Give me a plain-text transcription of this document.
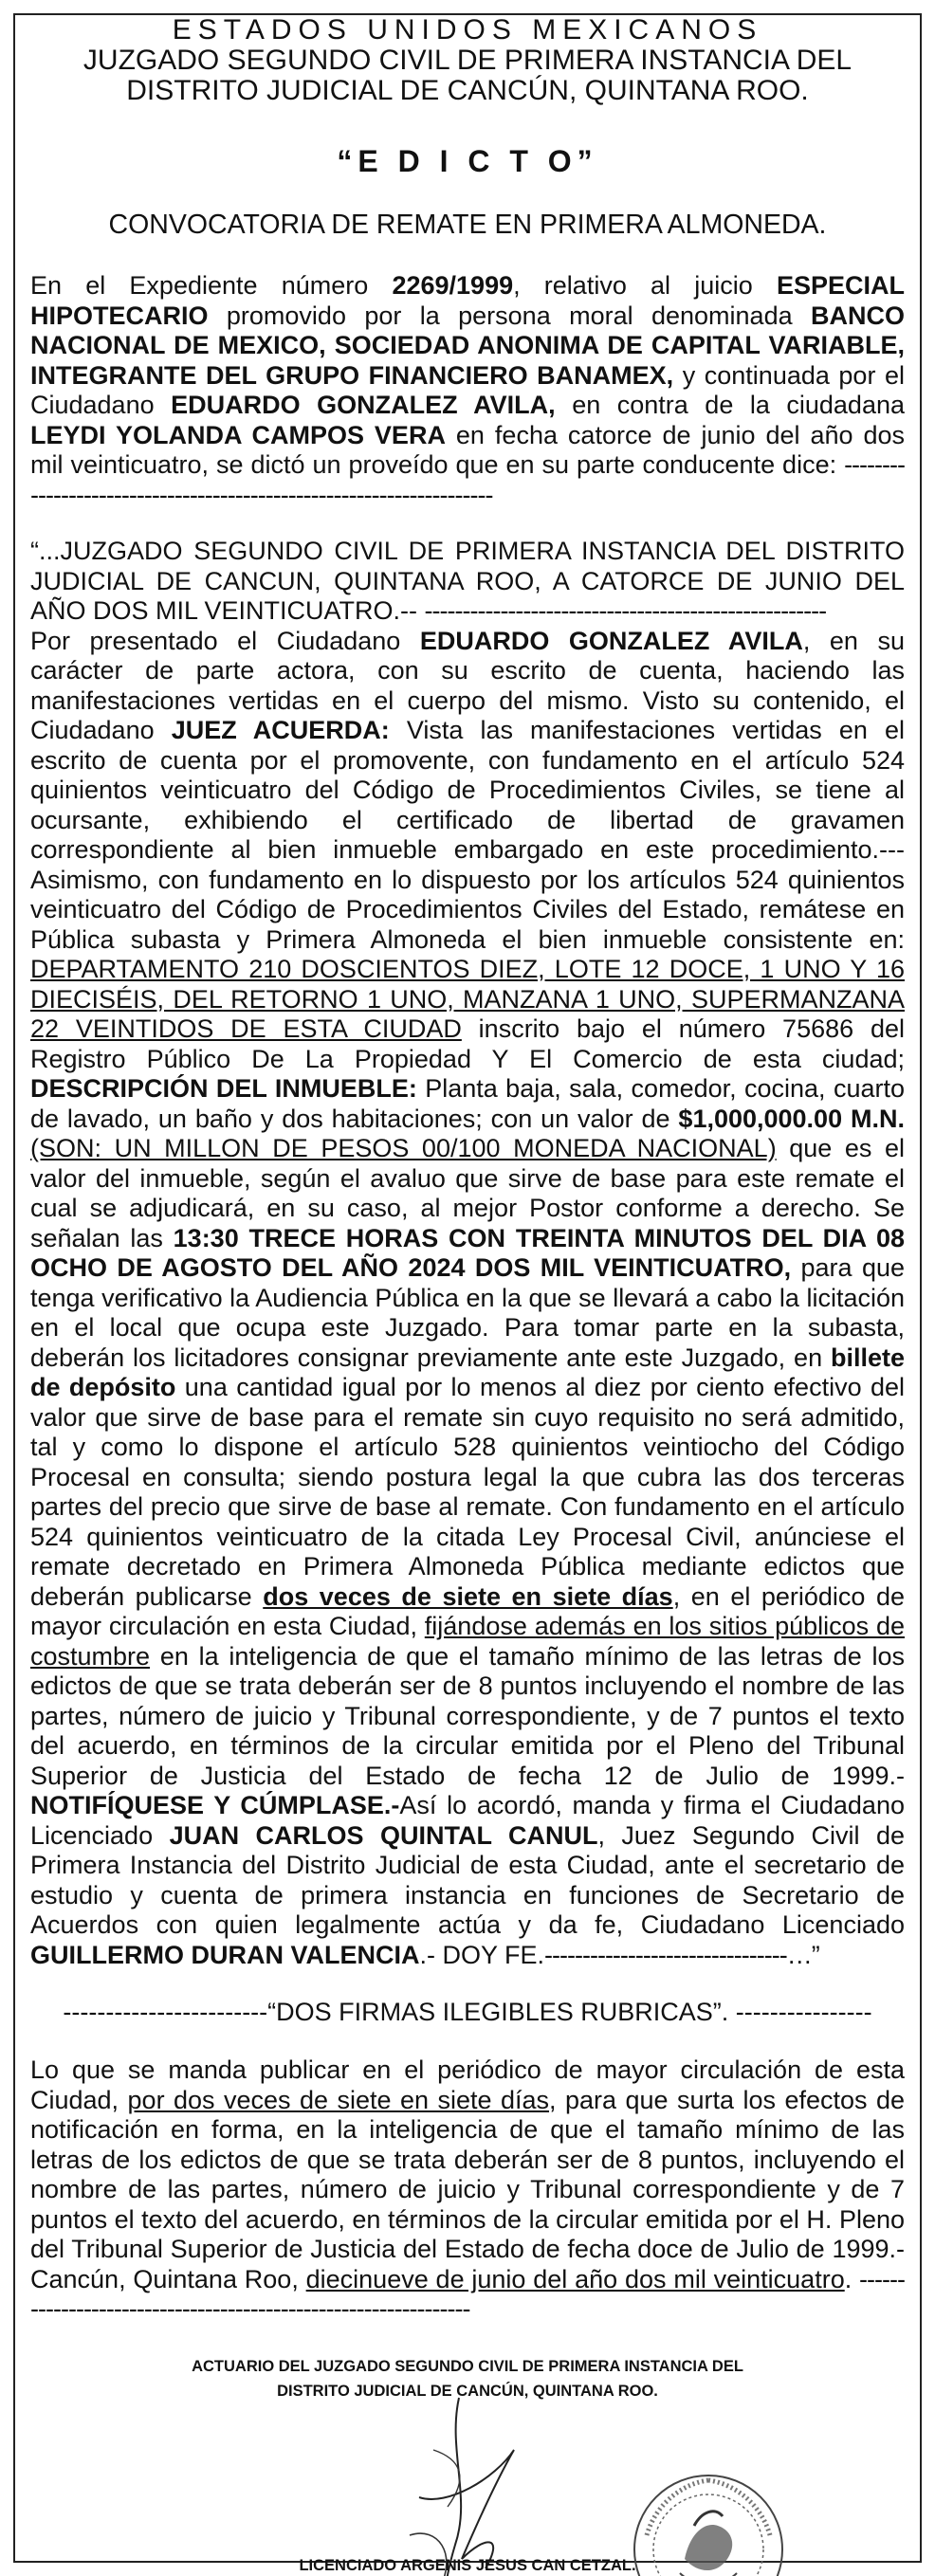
ESTADOS UNIDOS MEXICANOS

JUZGADO SEGUNDO CIVIL DE PRIMERA INSTANCIA DEL

DISTRITO JUDICIAL DE CANCÚN, QUINTANA ROO.

“E D I C T O”
CONVOCATORIA DE REMATE EN PRIMERA ALMONEDA.

En el Expediente número 2269/1999, relativo al juicio ESPECIAL HIPOTECARIO promovido por la persona moral denominada BANCO NACIONAL DE MEXICO, SOCIEDAD ANONIMA DE CAPITAL VARIABLE, INTEGRANTE DEL GRUPO FINANCIERO BANAMEX, y continuada por el Ciudadano EDUARDO GONZALEZ AVILA, en contra de la ciudadana LEYDI YOLANDA CAMPOS VERA en fecha catorce de junio del año dos mil veinticuatro, se dictó un proveído que en su parte conducente dice: ---------------------------------------------------------------------

“...JUZGADO SEGUNDO CIVIL DE PRIMERA INSTANCIA DEL DISTRITO JUDICIAL DE CANCUN, QUINTANA ROO, A CATORCE DE JUNIO DEL AÑO DOS MIL VEINTICUATRO.-- -----------------------------------------------------
Por presentado el Ciudadano EDUARDO GONZALEZ AVILA, en su carácter de parte actora, con su escrito de cuenta, haciendo las manifestaciones vertidas en el cuerpo del mismo. Visto su contenido, el Ciudadano JUEZ ACUERDA: Vista las manifestaciones vertidas en el escrito de cuenta por el promovente, con fundamento en el artículo 524 quinientos veinticuatro del Código de Procedimientos Civiles, se tiene al ocursante, exhibiendo el certificado de libertad de gravamen correspondiente al bien inmueble embargado en este procedimiento.--- Asimismo, con fundamento en lo dispuesto por los artículos 524 quinientos veinticuatro del Código de Procedimientos Civiles del Estado, remátese en Pública subasta y Primera Almoneda el bien inmueble consistente en: DEPARTAMENTO 210 DOSCIENTOS DIEZ, LOTE 12 DOCE, 1 UNO Y 16 DIECISÉIS, DEL RETORNO 1 UNO, MANZANA 1 UNO, SUPERMANZANA 22 VEINTIDOS DE ESTA CIUDAD inscrito bajo el número 75686 del Registro Público De La Propiedad Y El Comercio de esta ciudad; DESCRIPCIÓN DEL INMUEBLE: Planta baja, sala, comedor, cocina, cuarto de lavado, un baño y dos habitaciones; con un valor de $1,000,000.00 M.N. (SON: UN MILLON DE PESOS 00/100 MONEDA NACIONAL) que es el valor del inmueble, según el avaluo que sirve de base para este remate el cual se adjudicará, en su caso, al mejor Postor conforme a derecho. Se señalan las 13:30 TRECE HORAS CON TREINTA MINUTOS DEL DIA 08 OCHO DE AGOSTO DEL AÑO 2024 DOS MIL VEINTICUATRO, para que tenga verificativo la Audiencia Pública en la que se llevará a cabo la licitación en el local que ocupa este Juzgado. Para tomar parte en la subasta, deberán los licitadores consignar previamente ante este Juzgado, en billete de depósito una cantidad igual por lo menos al diez por ciento efectivo del valor que sirve de base para el remate sin cuyo requisito no será admitido, tal y como lo dispone el artículo 528 quinientos veintiocho del Código Procesal en consulta; siendo postura legal la que cubra las dos terceras partes del precio que sirve de base al remate. Con fundamento en el artículo 524 quinientos veinticuatro de la citada Ley Procesal Civil, anúnciese el remate decretado en Primera Almoneda Pública mediante edictos que deberán publicarse dos veces de siete en siete días, en el periódico de mayor circulación en esta Ciudad, fijándose además en los sitios públicos de costumbre en la inteligencia de que el tamaño mínimo de las letras de los edictos de que se trata deberán ser de 8 puntos incluyendo el nombre de las partes, número de juicio y Tribunal correspondiente, y de 7 puntos el texto del acuerdo, en términos de la circular emitida por el Pleno del Tribunal Superior de Justicia del Estado de fecha 12 de Julio de 1999.- NOTIFÍQUESE Y CÚMPLASE.-Así lo acordó, manda y firma el Ciudadano Licenciado JUAN CARLOS QUINTAL CANUL, Juez Segundo Civil de Primera Instancia del Distrito Judicial de esta Ciudad, ante el secretario de estudio y cuenta de primera instancia en funciones de Secretario de Acuerdos con quien legalmente actúa y da fe, Ciudadano Licenciado GUILLERMO DURAN VALENCIA.- DOY FE.--------------------------------…”

------------------------“DOS FIRMAS ILEGIBLES RUBRICAS”. ----------------

Lo que se manda publicar en el periódico de mayor circulación de esta Ciudad, por dos veces de siete en siete días, para que surta los efectos de notificación en forma, en la inteligencia de que el tamaño mínimo de las letras de los edictos de que se trata deberán ser de 8 puntos, incluyendo el nombre de las partes, número de juicio y Tribunal correspondiente y de 7 puntos el texto del acuerdo, en términos de la circular emitida por el H. Pleno del Tribunal Superior de Justicia del Estado de fecha doce de Julio de 1999.- Cancún, Quintana Roo, diecinueve de junio del año dos mil veinticuatro. ----------------------------------------------------------------

ACTUARIO DEL JUZGADO SEGUNDO CIVIL DE PRIMERA INSTANCIA DEL
DISTRITO JUDICIAL DE CANCÚN, QUINTANA ROO.
LICENCIADO ARGENIS JESUS CAN CETZAL.
